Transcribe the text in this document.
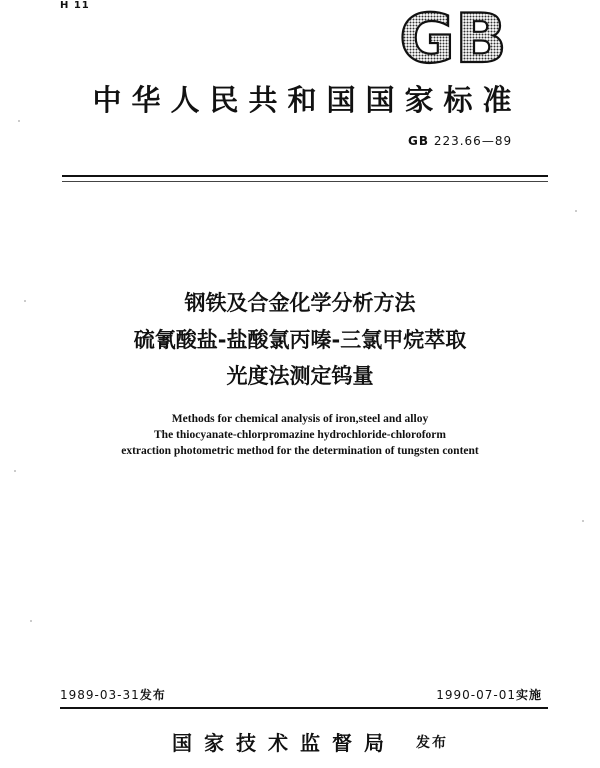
H 11	GB
中华人民共和国国家标准
GB 223.66—89
钢铁及合金化学分析方法
硫氰酸盐-盐酸氯丙嗪-三氯甲烷萃取
光度法测定钨量
Methods for chemical analysis of iron,steel and alloy
The thiocyanate-chlorpromazine hydrochloride-chloroform
extraction photometric method for the determination of tungsten content
1989-03-31发布	1990-07-01实施
国家技术监督局 发布
